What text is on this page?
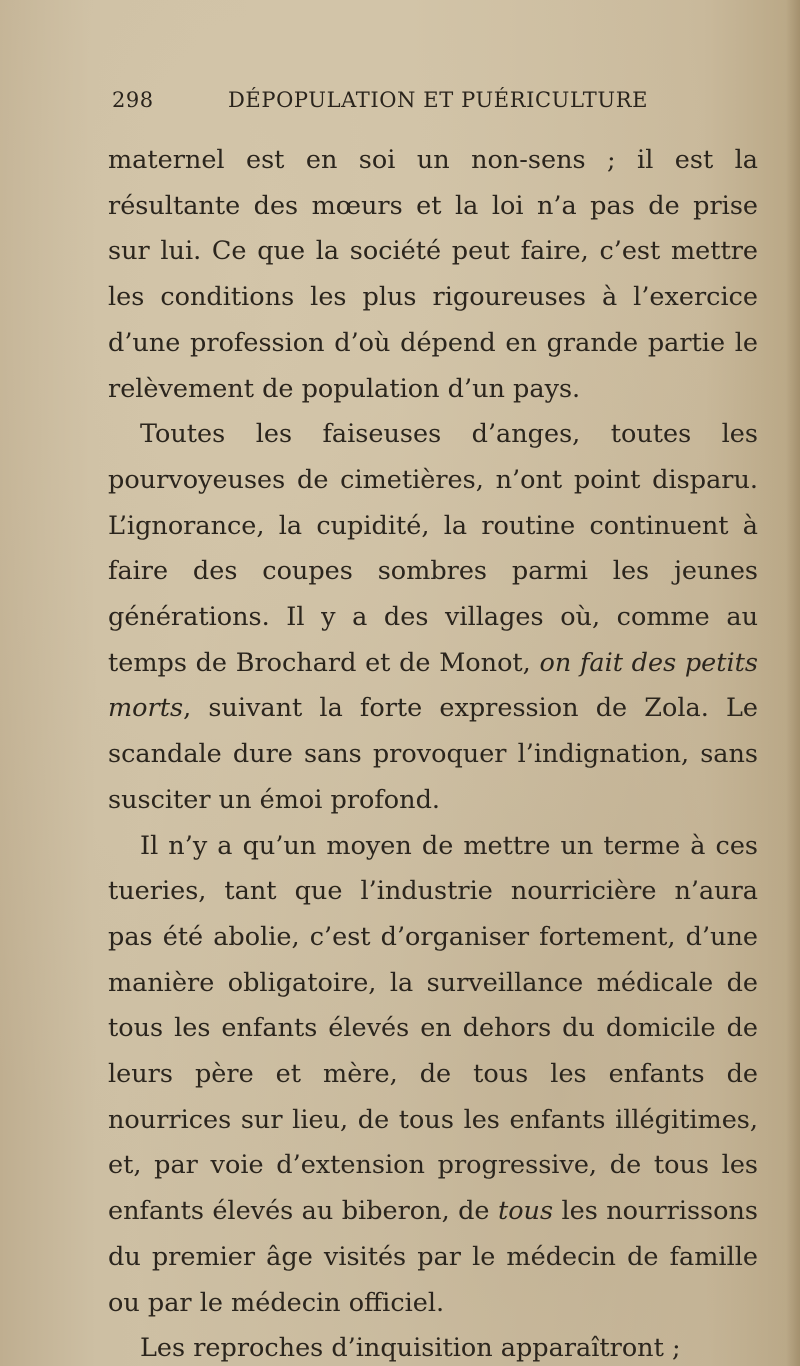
298	DÉPOPULATION ET PUÉRICULTURE

maternel est en soi un non-sens ; il est la résultante des mœurs et la loi n’a pas de prise sur lui. Ce que la société peut faire, c’est mettre les conditions les plus rigoureuses à l’exercice d’une profession d’où dépend en grande partie le relèvement de population d’un pays.

Toutes les faiseuses d’anges, toutes les pourvoyeuses de cimetières, n’ont point disparu. L’ignorance, la cupidité, la routine continuent à faire des coupes sombres parmi les jeunes générations. Il y a des villages où, comme au temps de Brochard et de Monot, on fait des petits morts, suivant la forte expression de Zola. Le scandale dure sans provoquer l’indignation, sans susciter un émoi profond.

Il n’y a qu’un moyen de mettre un terme à ces tueries, tant que l’industrie nourricière n’aura pas été abolie, c’est d’organiser fortement, d’une manière obligatoire, la surveillance médicale de tous les enfants élevés en dehors du domicile de leurs père et mère, de tous les enfants de nourrices sur lieu, de tous les enfants illégitimes, et, par voie d’extension progressive, de tous les enfants élevés au biberon, de tous les nourrissons du premier âge visités par le médecin de famille ou par le médecin officiel.

Les reproches d’inquisition apparaîtront ;
